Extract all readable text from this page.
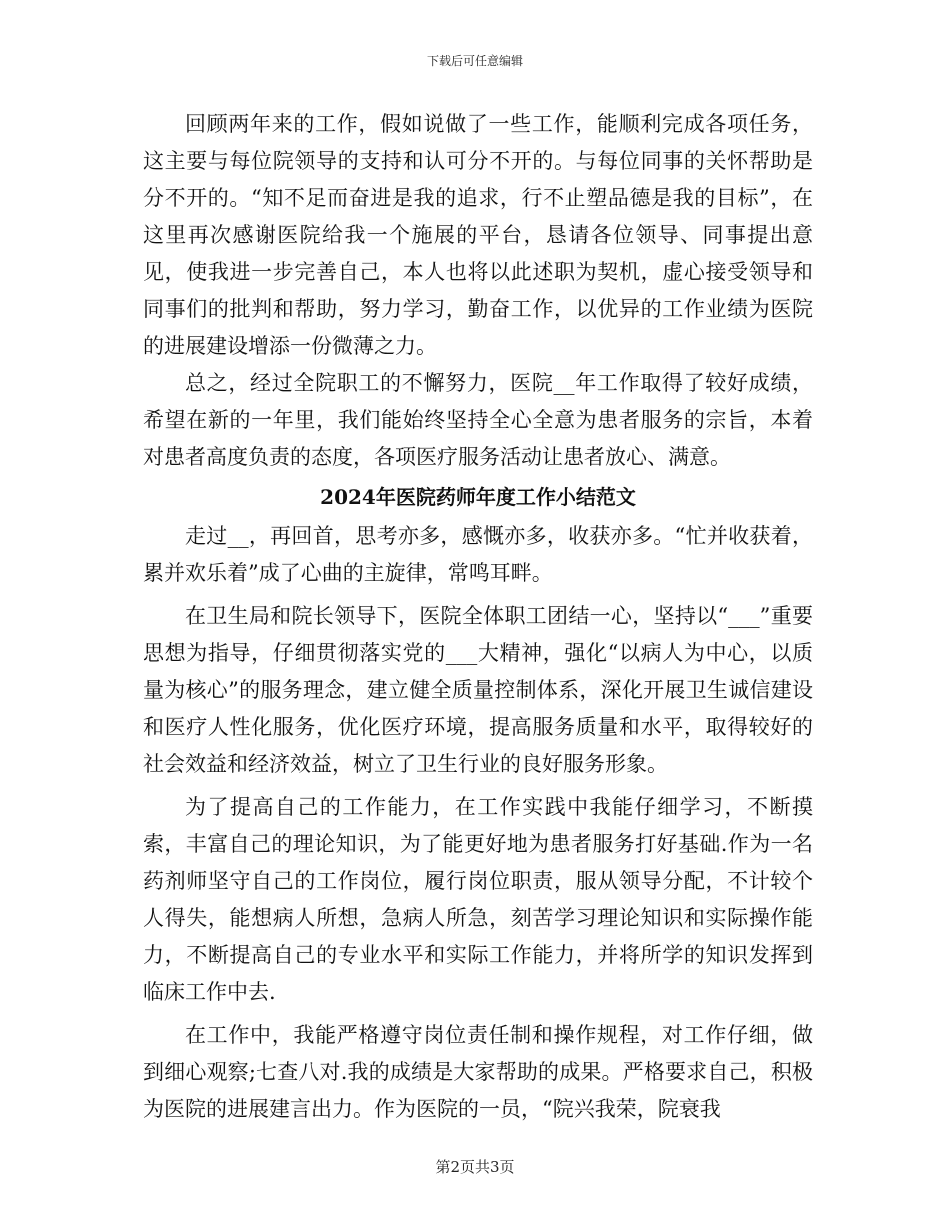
下载后可任意编辑

回顾两年来的工作，假如说做了一些工作，能顺利完成各项任务，这主要与每位院领导的支持和认可分不开的。与每位同事的关怀帮助是分不开的。“知不足而奋进是我的追求，行不止塑品德是我的目标”，在这里再次感谢医院给我一个施展的平台，恳请各位领导、同事提出意见，使我进一步完善自己，本人也将以此述职为契机，虚心接受领导和同事们的批判和帮助，努力学习，勤奋工作，以优异的工作业绩为医院的进展建设增添一份微薄之力。

总之，经过全院职工的不懈努力，医院__年工作取得了较好成绩，希望在新的一年里，我们能始终坚持全心全意为患者服务的宗旨，本着对患者高度负责的态度，各项医疗服务活动让患者放心、满意。

2024年医院药师年度工作小结范文

走过__，再回首，思考亦多，感慨亦多，收获亦多。“忙并收获着，累并欢乐着”成了心曲的主旋律，常鸣耳畔。

在卫生局和院长领导下，医院全体职工团结一心，坚持以“___”重要思想为指导，仔细贯彻落实党的___大精神，强化“以病人为中心，以质量为核心”的服务理念，建立健全质量控制体系，深化开展卫生诚信建设和医疗人性化服务，优化医疗环境，提高服务质量和水平，取得较好的社会效益和经济效益，树立了卫生行业的良好服务形象。

为了提高自己的工作能力，在工作实践中我能仔细学习，不断摸索，丰富自己的理论知识，为了能更好地为患者服务打好基础.作为一名药剂师坚守自己的工作岗位，履行岗位职责，服从领导分配，不计较个人得失，能想病人所想，急病人所急，刻苦学习理论知识和实际操作能力，不断提高自己的专业水平和实际工作能力，并将所学的知识发挥到临床工作中去.

在工作中，我能严格遵守岗位责任制和操作规程，对工作仔细，做到细心观察;七查八对.我的成绩是大家帮助的成果。严格要求自己，积极为医院的进展建言出力。作为医院的一员，“院兴我荣，院衰我

第2页共3页
